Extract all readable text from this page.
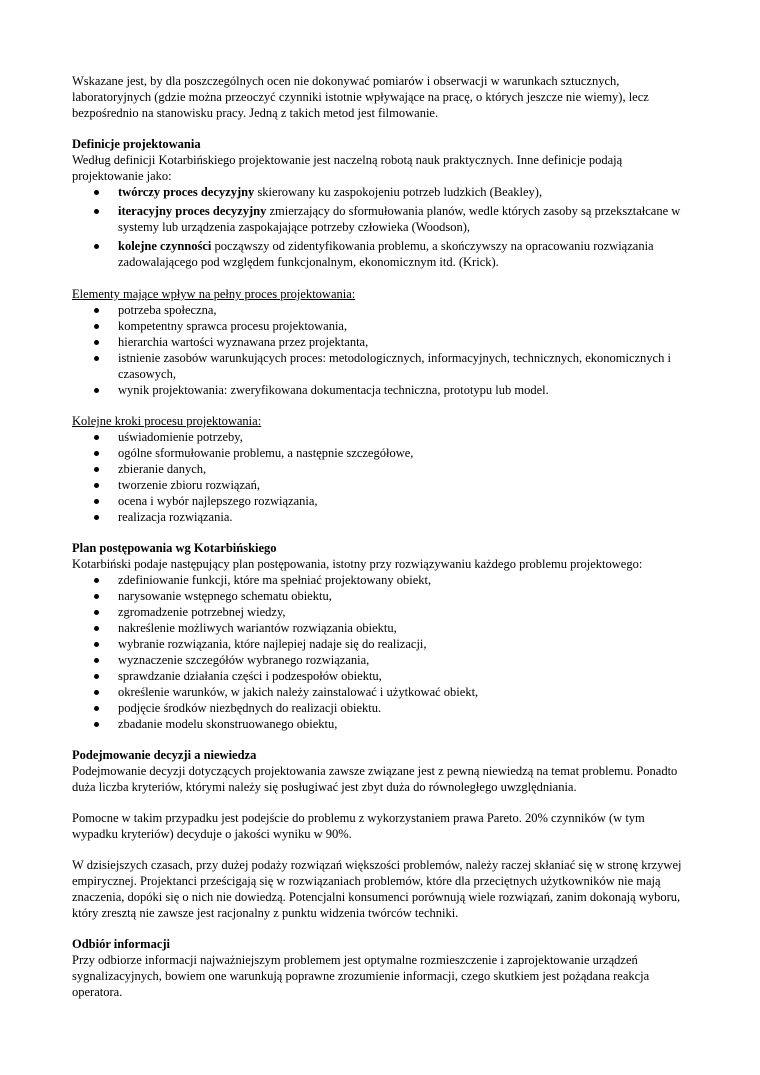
Wskazane jest, by dla poszczególnych ocen nie dokonywać pomiarów i obserwacji w warunkach sztucznych, laboratoryjnych (gdzie można przeoczyć czynniki istotnie wpływające na pracę, o których jeszcze nie wiemy), lecz bezpośrednio na stanowisku pracy. Jedną z takich metod jest filmowanie.

Definicje projektowania

Według definicji Kotarbińskiego projektowanie jest naczelną robotą nauk praktycznych. Inne definicje podają projektowanie jako:

twórczy proces decyzyjny skierowany ku zaspokojeniu potrzeb ludzkich (Beakley),
iteracyjny proces decyzyjny zmierzający do sformułowania planów, wedle których zasoby są przekształcane w systemy lub urządzenia zaspokajające potrzeby człowieka (Woodson),
kolejne czynności począwszy od zidentyfikowania problemu, a skończywszy na opracowaniu rozwiązania zadowalającego pod względem funkcjonalnym, ekonomicznym itd. (Krick).

Elementy mające wpływ na pełny proces projektowania:

potrzeba społeczna,
kompetentny sprawca procesu projektowania,
hierarchia wartości wyznawana przez projektanta,
istnienie zasobów warunkujących proces: metodologicznych, informacyjnych, technicznych, ekonomicznych i czasowych,
wynik projektowania: zweryfikowana dokumentacja techniczna, prototypu lub model.

Kolejne kroki procesu projektowania:

uświadomienie potrzeby,
ogólne sformułowanie problemu, a następnie szczegółowe,
zbieranie danych,
tworzenie zbioru rozwiązań,
ocena i wybór najlepszego rozwiązania,
realizacja rozwiązania.
Plan postępowania wg Kotarbińskiego

Kotarbiński podaje następujący plan postępowania, istotny przy rozwiązywaniu każdego problemu projektowego:

zdefiniowanie funkcji, które ma spełniać projektowany obiekt,
narysowanie wstępnego schematu obiektu,
zgromadzenie potrzebnej wiedzy,
nakreślenie możliwych wariantów rozwiązania obiektu,
wybranie rozwiązania, które najlepiej nadaje się do realizacji,
wyznaczenie szczegółów wybranego rozwiązania,
sprawdzanie działania części i podzespołów obiektu,
określenie warunków, w jakich należy zainstalować i użytkować obiekt,
podjęcie środków niezbędnych do realizacji obiektu.
zbadanie modelu skonstruowanego obiektu,
Podejmowanie decyzji a niewiedza

Podejmowanie decyzji dotyczących projektowania zawsze związane jest z pewną niewiedzą na temat problemu. Ponadto duża liczba kryteriów, którymi należy się posługiwać jest zbyt duża do równoległego uwzględniania.

Pomocne w takim przypadku jest podejście do problemu z wykorzystaniem prawa Pareto. 20% czynników (w tym wypadku kryteriów) decyduje o jakości wyniku w 90%.

W dzisiejszych czasach, przy dużej podaży rozwiązań większości problemów, należy raczej skłaniać się w stronę krzywej empirycznej. Projektanci prześcigają się w rozwiązaniach problemów, które dla przeciętnych użytkowników nie mają znaczenia, dopóki się o nich nie dowiedzą. Potencjalni konsumenci porównują wiele rozwiązań, zanim dokonają wyboru, który zresztą nie zawsze jest racjonalny z punktu widzenia twórców techniki.

Odbiór informacji

Przy odbiorze informacji najważniejszym problemem jest optymalne rozmieszczenie i zaprojektowanie urządzeń sygnalizacyjnych, bowiem one warunkują poprawne zrozumienie informacji, czego skutkiem jest pożądana reakcja operatora.
